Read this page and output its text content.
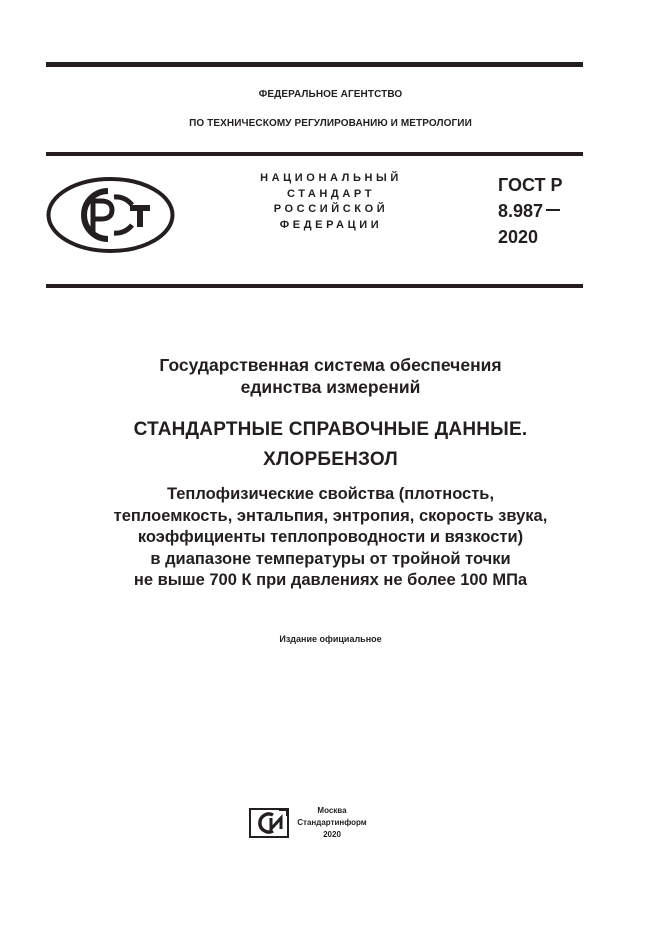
ФЕДЕРАЛЬНОЕ АГЕНТСТВО
ПО ТЕХНИЧЕСКОМУ РЕГУЛИРОВАНИЮ И МЕТРОЛОГИИ
НАЦИОНАЛЬНЫЙ
СТАНДАРТ
РОССИЙСКОЙ
ФЕДЕРАЦИИ
ГОСТ Р
8.987
2020
Государственная система обеспечения
единства измерений
СТАНДАРТНЫЕ СПРАВОЧНЫЕ ДАННЫЕ.
ХЛОРБЕНЗОЛ
Теплофизические свойства (плотность,
теплоемкость, энтальпия, энтропия, скорость звука,
коэффициенты теплопроводности и вязкости)
в диапазоне температуры от тройной точки
не выше 700 К при давлениях не более 100 МПа
Издание официальное
Москва
Стандартинформ
2020
